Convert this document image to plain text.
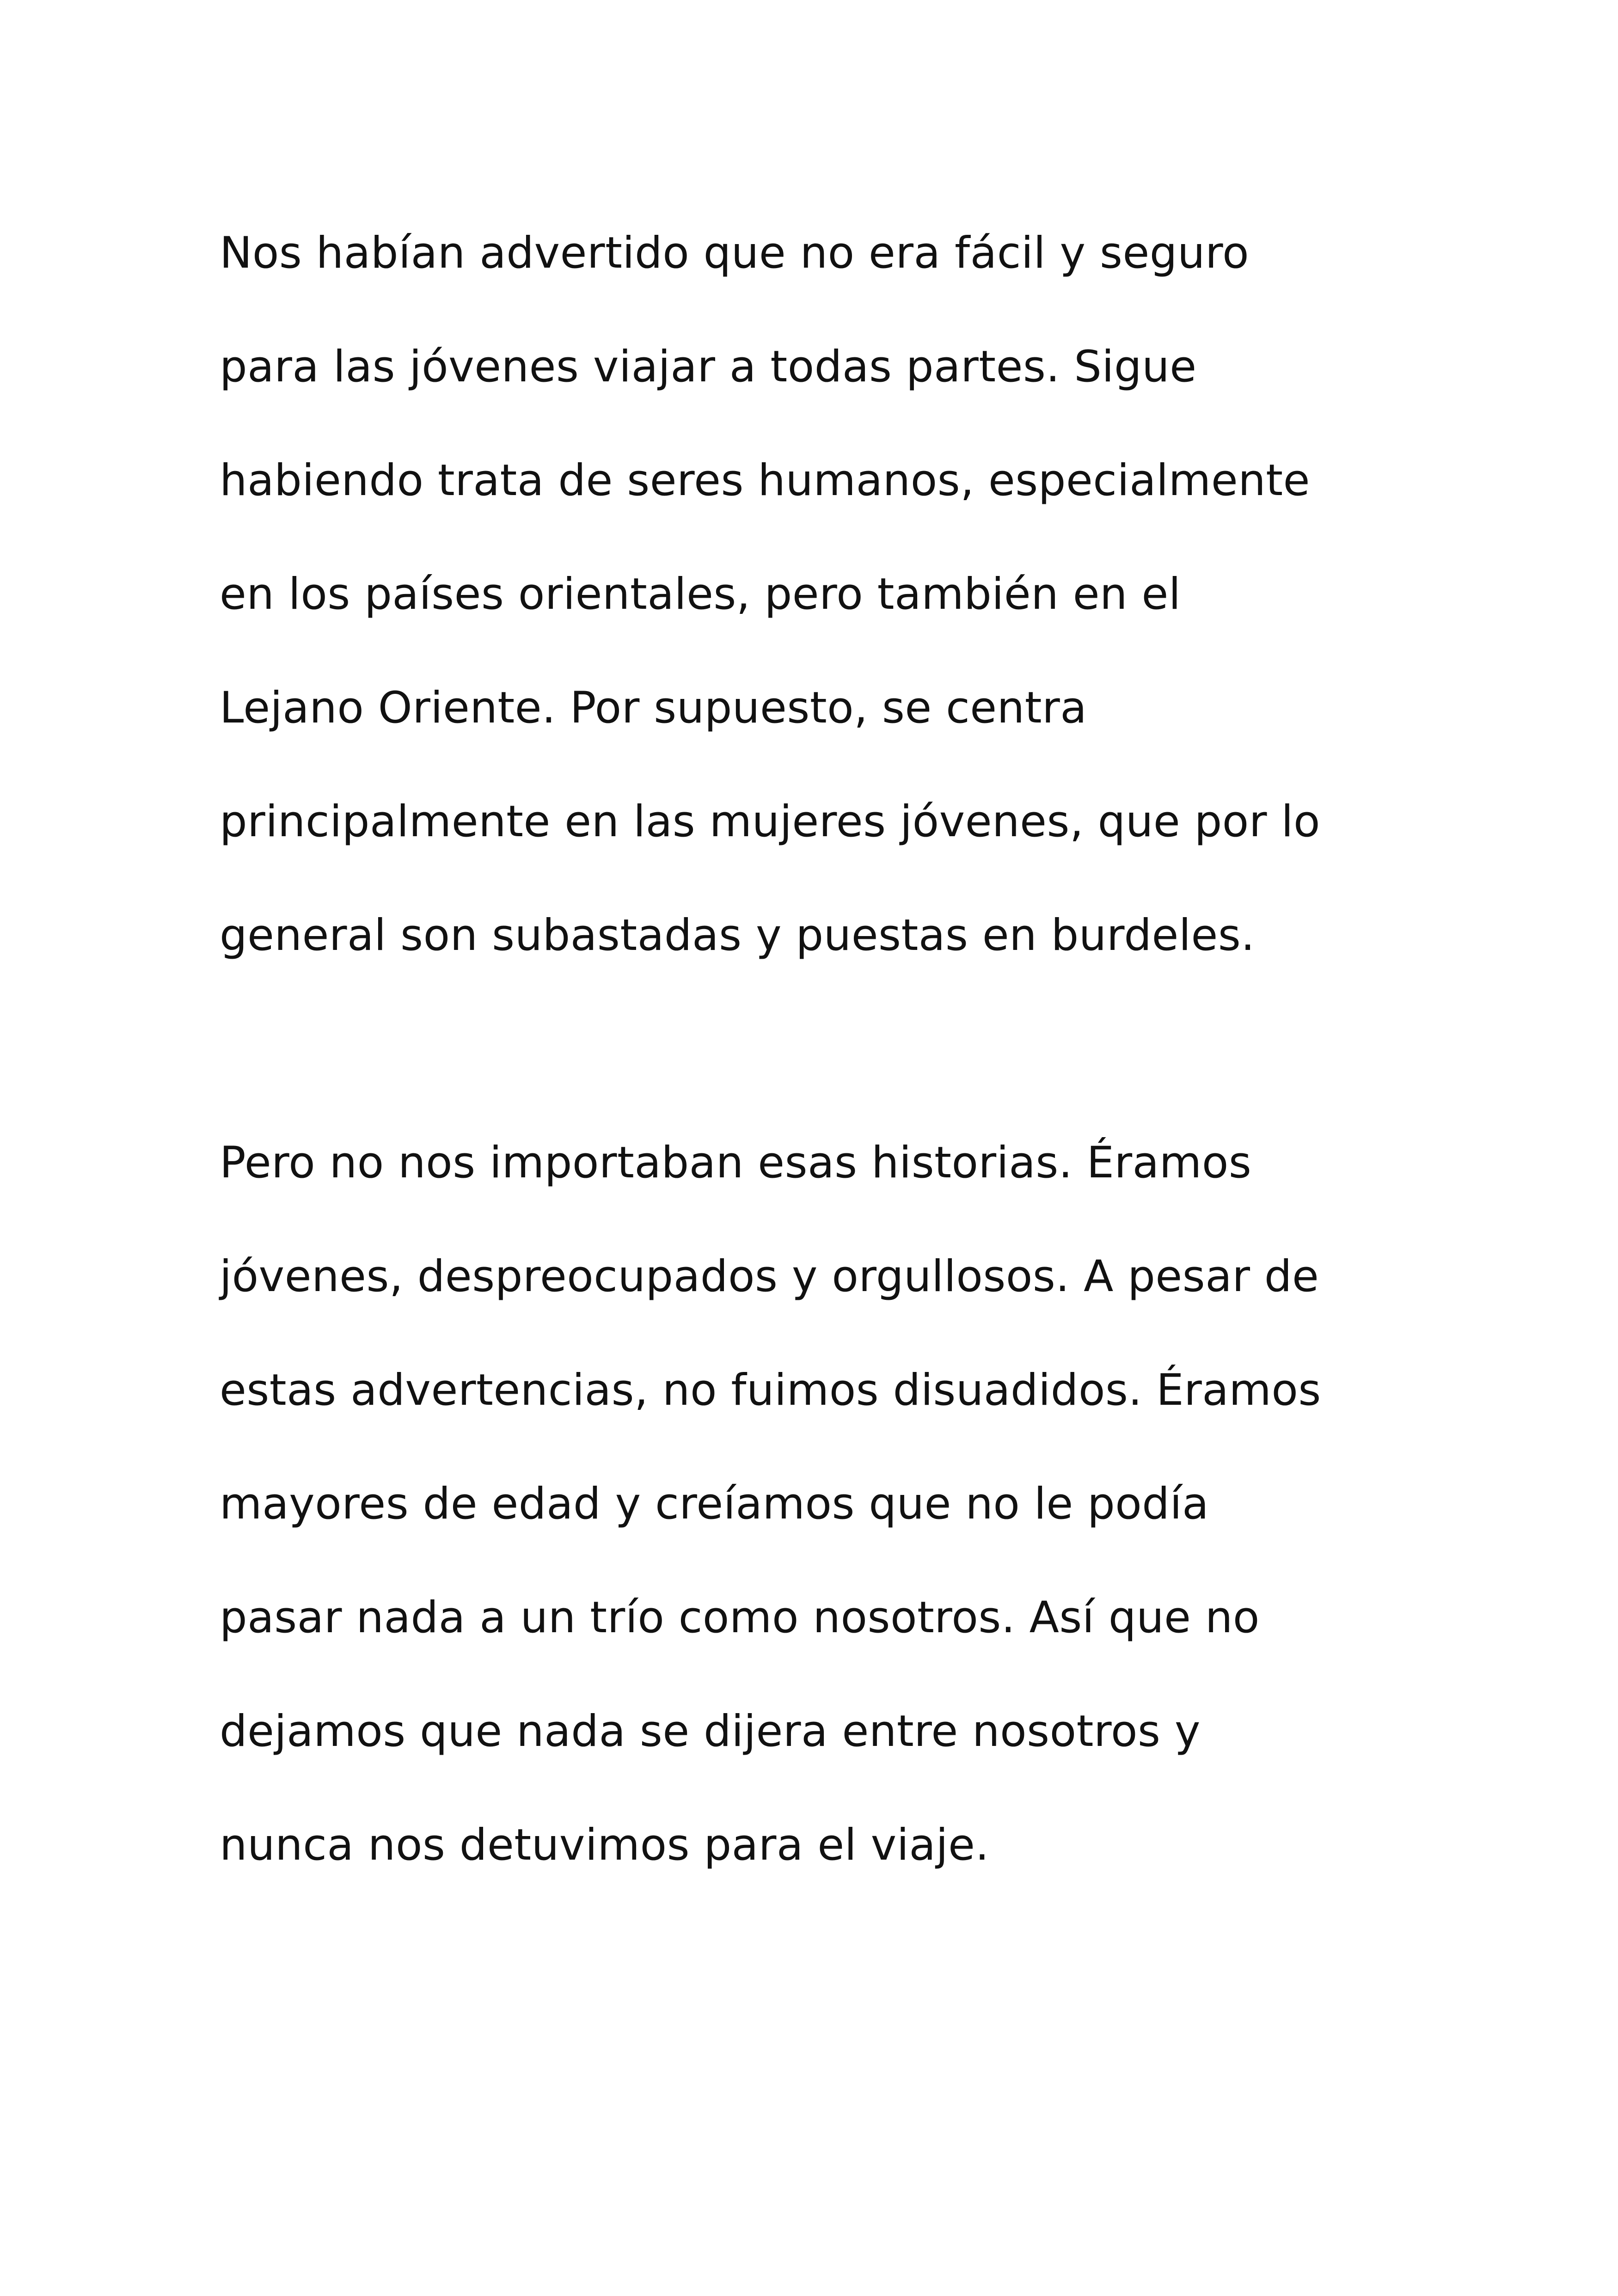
Nos habían advertido que no era fácil y seguro

para las jóvenes viajar a todas partes. Sigue

habiendo trata de seres humanos, especialmente

en los países orientales, pero también en el

Lejano Oriente. Por supuesto, se centra

principalmente en las mujeres jóvenes, que por lo

general son subastadas y puestas en burdeles.

Pero no nos importaban esas historias. Éramos

jóvenes, despreocupados y orgullosos. A pesar de

estas advertencias, no fuimos disuadidos. Éramos

mayores de edad y creíamos que no le podía

pasar nada a un trío como nosotros. Así que no

dejamos que nada se dijera entre nosotros y

nunca nos detuvimos para el viaje.
